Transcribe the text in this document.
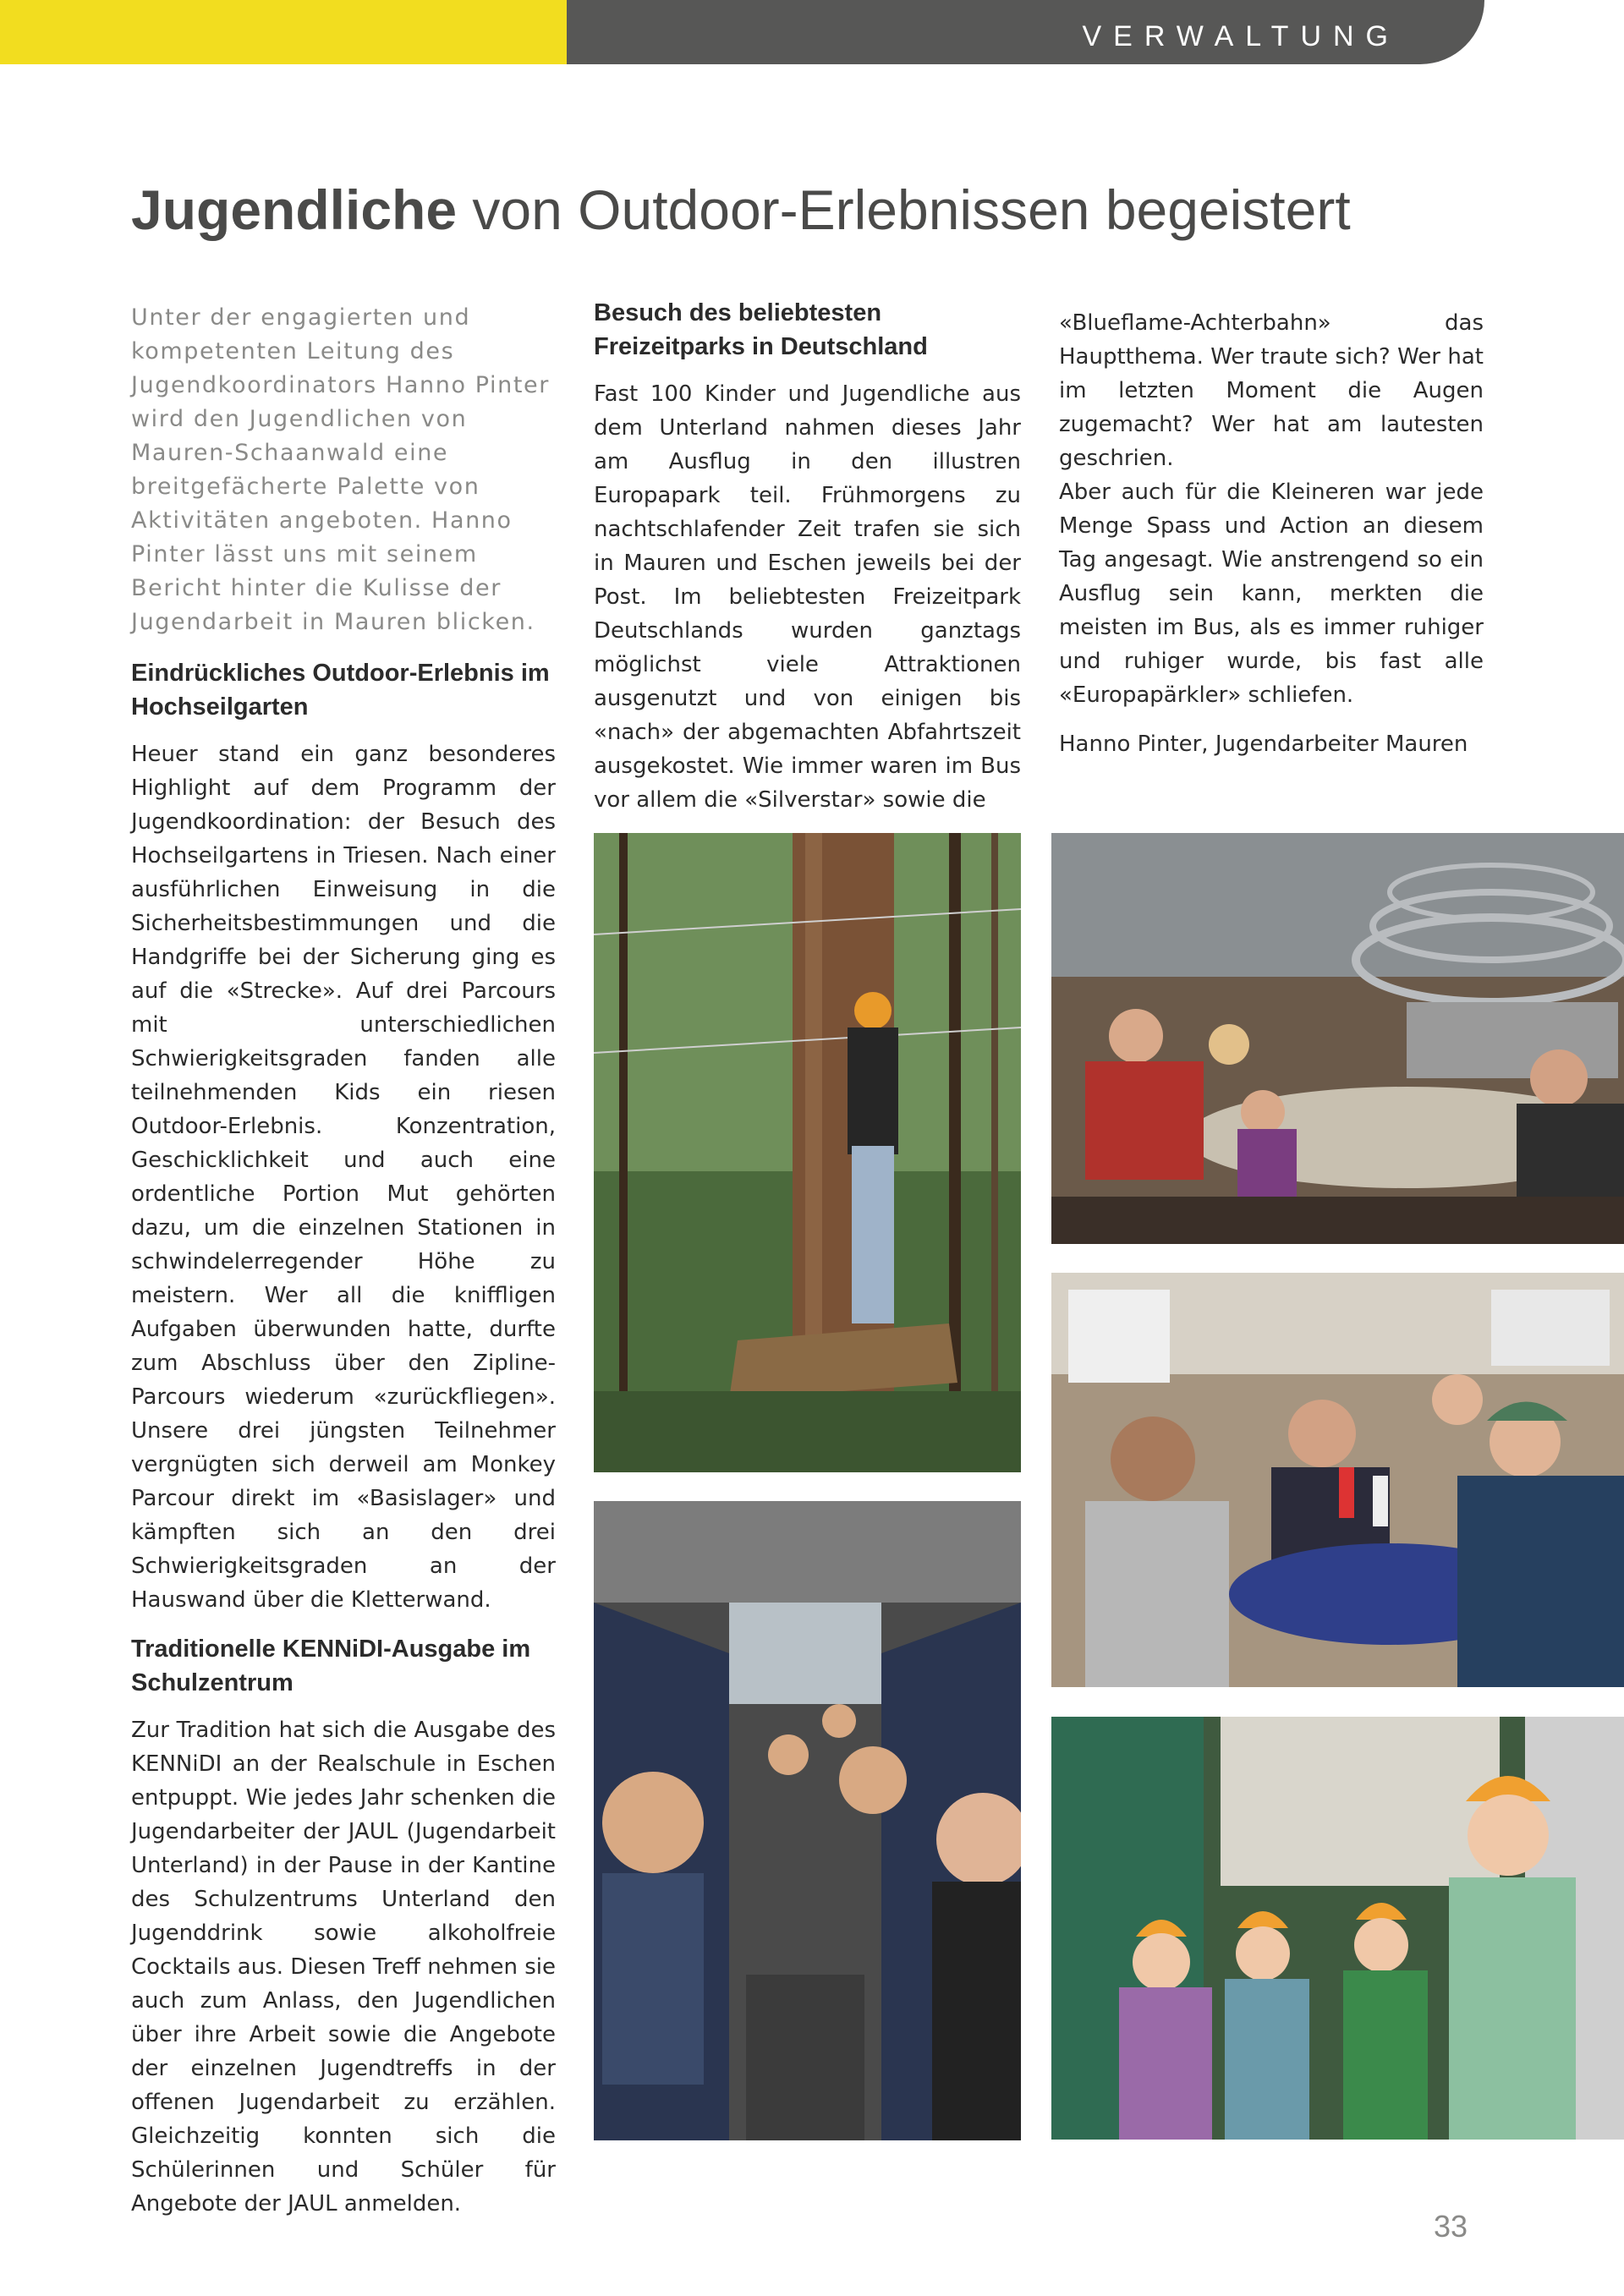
VERWALTUNG
Jugendliche von Outdoor-Erlebnissen begeistert

Unter der engagierten und kompetenten Leitung des Jugendkoordinators Hanno Pinter wird den Jugendlichen von Mauren-Schaanwald eine breitgefächerte Palette von Aktivitäten angeboten. Hanno Pinter lässt uns mit seinem Bericht hinter die Kulisse der Jugendarbeit in Mauren blicken.

Eindrückliches Outdoor-Erlebnis im Hochseilgarten

Heuer stand ein ganz besonderes Highlight auf dem Programm der Jugendkoordination: der Besuch des Hochseilgartens in Triesen. Nach einer ausführlichen Einweisung in die Sicherheitsbestimmungen und die Handgriffe bei der Sicherung ging es auf die «Strecke». Auf drei Parcours mit unterschiedlichen Schwierigkeitsgraden fanden alle teilnehmenden Kids ein riesen Outdoor-Erlebnis. Konzentration, Geschicklichkeit und auch eine ordentliche Portion Mut gehörten dazu, um die einzelnen Stationen in schwindelerregender Höhe zu meistern. Wer all die kniffligen Aufgaben überwunden hatte, durfte zum Abschluss über den Zipline-Parcours wiederum «zurückfliegen». Unsere drei jüngsten Teilnehmer vergnügten sich derweil am Monkey Parcour direkt im «Basislager» und kämpften sich an den drei Schwierigkeitsgraden an der Hauswand über die Kletterwand.

Traditionelle KENNiDI-Ausgabe im Schulzentrum

Zur Tradition hat sich die Ausgabe des KENNiDI an der Realschule in Eschen entpuppt. Wie jedes Jahr schenken die Jugendarbeiter der JAUL (Jugendarbeit Unterland) in der Pause in der Kantine des Schulzentrums Unterland den Jugenddrink sowie alkoholfreie Cocktails aus. Diesen Treff nehmen sie auch zum Anlass, den Jugendlichen über ihre Arbeit sowie die Angebote der einzelnen Jugendtreffs in der offenen Jugendarbeit zu erzählen. Gleichzeitig konnten sich die Schülerinnen und Schüler für Angebote der JAUL anmelden.

Besuch des beliebtesten Freizeitparks in Deutschland

Fast 100 Kinder und Jugendliche aus dem Unterland nahmen dieses Jahr am Ausflug in den illustren Europapark teil. Frühmorgens zu nachtschlafender Zeit trafen sie sich in Mauren und Eschen jeweils bei der Post. Im beliebtesten Freizeitpark Deutschlands wurden ganztags möglichst viele Attraktionen ausgenutzt und von einigen bis «nach» der abgemachten Abfahrtszeit ausgekostet. Wie immer waren im Bus vor allem die «Silverstar» sowie die

«Blueflame-Achterbahn» das Hauptthema. Wer traute sich? Wer hat im letzten Moment die Augen zugemacht? Wer hat am lautesten geschrien.

Aber auch für die Kleineren war jede Menge Spass und Action an diesem Tag angesagt. Wie anstrengend so ein Ausflug sein kann, merkten die meisten im Bus, als es immer ruhiger und ruhiger wurde, bis fast alle «Europapärkler» schliefen.

Hanno Pinter, Jugendarbeiter Mauren

33
